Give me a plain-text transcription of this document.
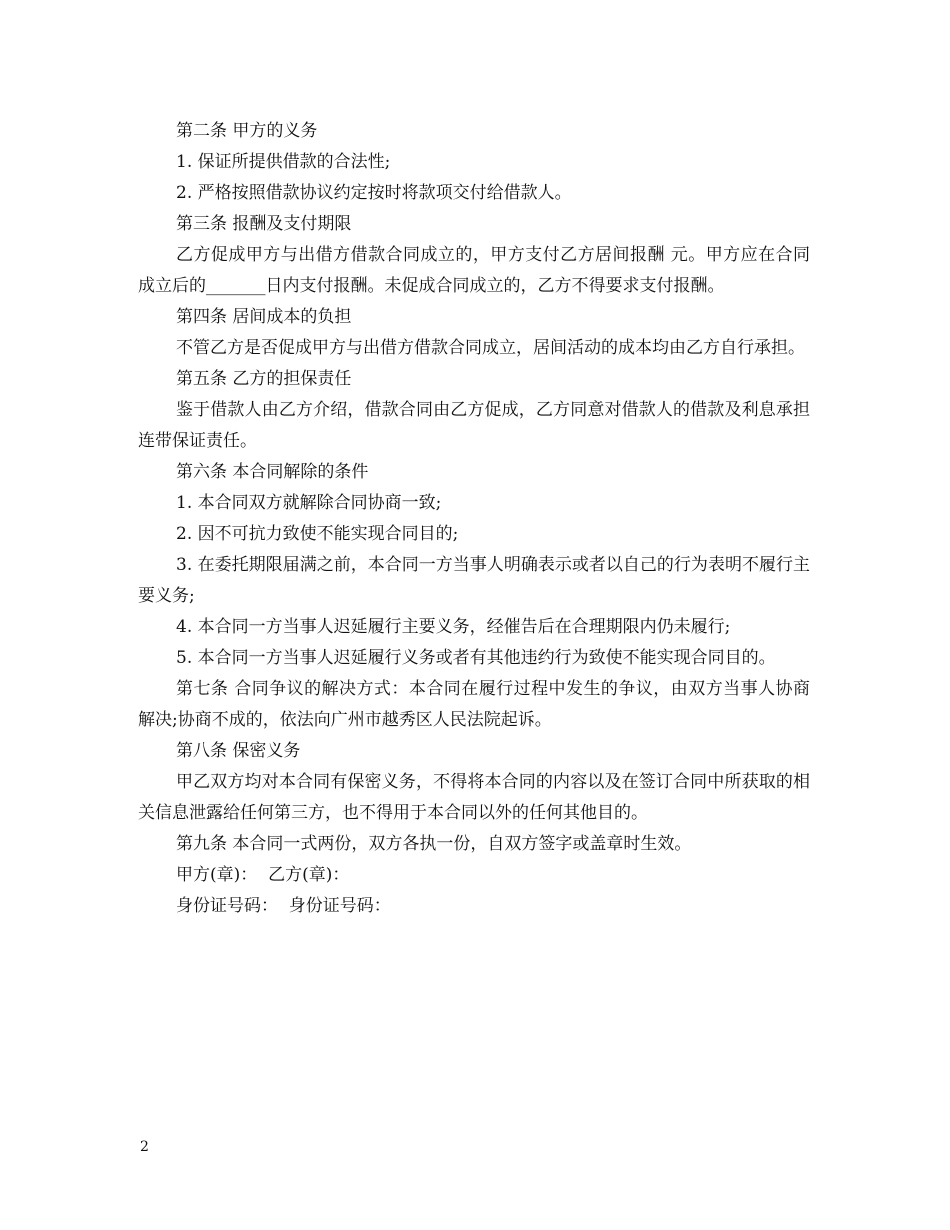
第二条 甲方的义务

1. 保证所提供借款的合法性;

2. 严格按照借款协议约定按时将款项交付给借款人。

第三条 报酬及支付期限

乙方促成甲方与出借方借款合同成立的，甲方支付乙方居间报酬 元。甲方应在合同成立后的_______日内支付报酬。未促成合同成立的，乙方不得要求支付报酬。

第四条 居间成本的负担

不管乙方是否促成甲方与出借方借款合同成立，居间活动的成本均由乙方自行承担。

第五条 乙方的担保责任

鉴于借款人由乙方介绍，借款合同由乙方促成，乙方同意对借款人的借款及利息承担连带保证责任。

第六条 本合同解除的条件

1. 本合同双方就解除合同协商一致;

2. 因不可抗力致使不能实现合同目的;

3. 在委托期限届满之前，本合同一方当事人明确表示或者以自己的行为表明不履行主要义务;

4. 本合同一方当事人迟延履行主要义务，经催告后在合理期限内仍未履行;

5. 本合同一方当事人迟延履行义务或者有其他违约行为致使不能实现合同目的。

第七条 合同争议的解决方式：本合同在履行过程中发生的争议，由双方当事人协商解决;协商不成的，依法向广州市越秀区人民法院起诉。

第八条 保密义务

甲乙双方均对本合同有保密义务，不得将本合同的内容以及在签订合同中所获取的相关信息泄露给任何第三方，也不得用于本合同以外的任何其他目的。

第九条 本合同一式两份，双方各执一份，自双方签字或盖章时生效。

甲方(章)：  乙方(章)：

身份证号码：  身份证号码：

2
